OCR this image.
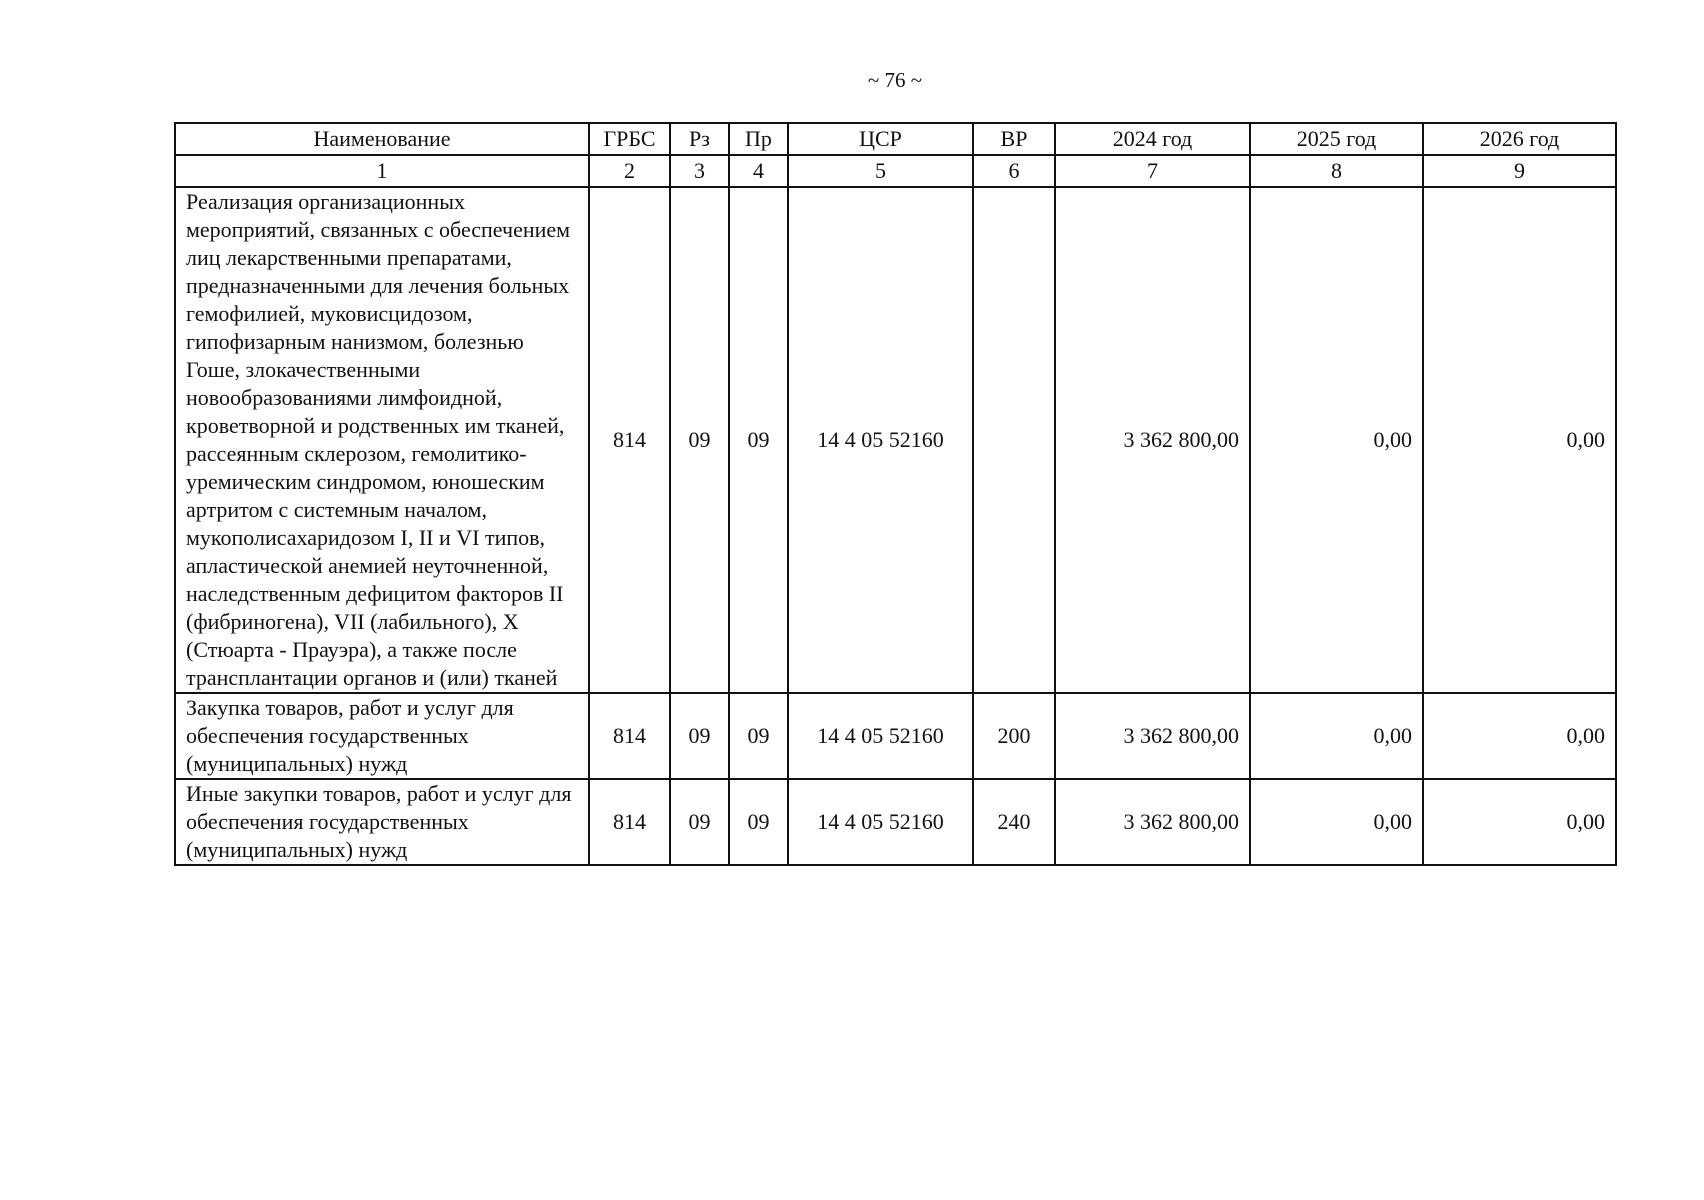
~ 76 ~
Наименование	ГРБС	Рз	Пр	ЦСР	ВР	2024 год	2025 год	2026 год
1	2	3	4	5	6	7	8	9
Реализация организационных мероприятий, связанных с обеспечением лиц лекарственными препаратами, предназначенными для лечения больных гемофилией, муковисцидозом, гипофизарным нанизмом, болезнью Гоше, злокачественными новообразованиями лимфоидной, кроветворной и родственных им тканей, рассеянным склерозом, гемолитико-уремическим синдромом, юношеским артритом с системным началом, мукополисахаридозом I, II и VI типов, апластической анемией неуточненной, наследственным дефицитом факторов II (фибриногена), VII (лабильного), X (Стюарта - Прауэра), а также после трансплантации органов и (или) тканей	814	09	09	14 4 05 52160		3 362 800,00	0,00	0,00
Закупка товаров, работ и услуг для обеспечения государственных (муниципальных) нужд	814	09	09	14 4 05 52160	200	3 362 800,00	0,00	0,00
Иные закупки товаров, работ и услуг для обеспечения государственных (муниципальных) нужд	814	09	09	14 4 05 52160	240	3 362 800,00	0,00	0,00
